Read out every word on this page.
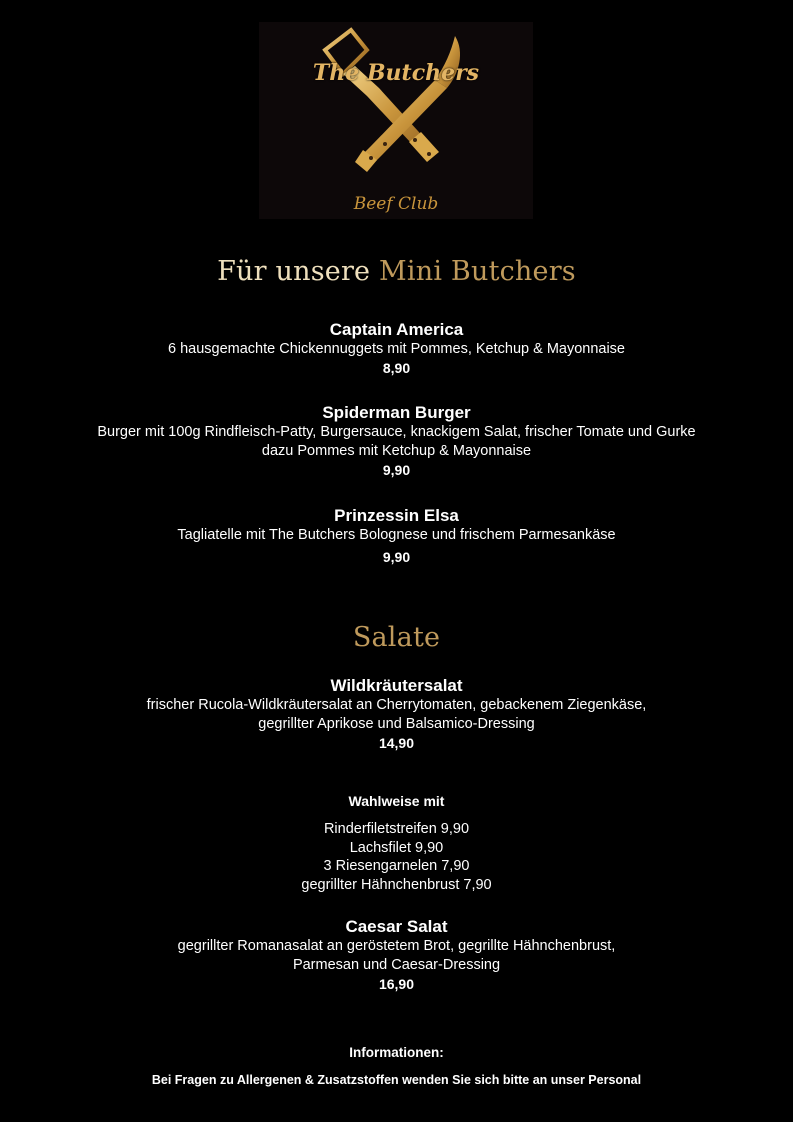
The Butchers
Beef Club
Für unsere Mini Butchers
Captain America
6 hausgemachte Chickennuggets mit Pommes, Ketchup & Mayonnaise
8,90
Spiderman Burger
Burger mit 100g Rindfleisch-Patty, Burgersauce, knackigem Salat, frischer Tomate und Gurke
dazu Pommes mit Ketchup & Mayonnaise
9,90
Prinzessin Elsa
Tagliatelle mit The Butchers Bolognese und frischem Parmesankäse
9,90
Salate
Wildkräutersalat
frischer Rucola-Wildkräutersalat an Cherrytomaten, gebackenem Ziegenkäse,
gegrillter Aprikose und Balsamico-Dressing
14,90
Wahlweise mit
Rinderfiletstreifen 9,90
Lachsfilet 9,90
3 Riesengarnelen 7,90
gegrillter Hähnchenbrust 7,90
Caesar Salat
gegrillter Romanasalat an geröstetem Brot, gegrillte Hähnchenbrust,
Parmesan und Caesar-Dressing
16,90
Informationen:
Bei Fragen zu Allergenen & Zusatzstoffen wenden Sie sich bitte an unser Personal
